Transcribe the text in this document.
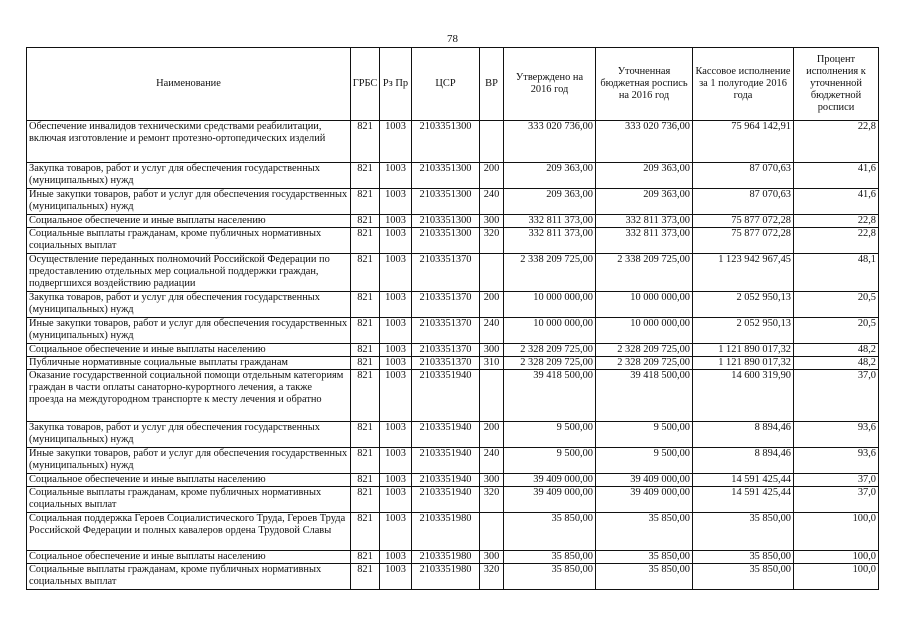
78
Наименование	ГРБС	Рз Пр	ЦСР	ВР	Утверждено на 2016 год	Уточненная бюджетная роспись на 2016 год	Кассовое исполнение за 1 полугодие 2016 года	Процент исполнения к уточненной бюджетной росписи
Обеспечение инвалидов техническими средствами реабилитации, включая изготовление и ремонт протезно-ортопедических изделий	821	1003	2103351300		333 020 736,00	333 020 736,00	75 964 142,91	22,8
Закупка товаров, работ и услуг для обеспечения государственных (муниципальных) нужд	821	1003	2103351300	200	209 363,00	209 363,00	87 070,63	41,6
Иные закупки товаров, работ и услуг для обеспечения государственных (муниципальных) нужд	821	1003	2103351300	240	209 363,00	209 363,00	87 070,63	41,6
Социальное обеспечение и иные выплаты населению	821	1003	2103351300	300	332 811 373,00	332 811 373,00	75 877 072,28	22,8
Социальные выплаты гражданам, кроме публичных нормативных социальных выплат	821	1003	2103351300	320	332 811 373,00	332 811 373,00	75 877 072,28	22,8
Осуществление переданных полномочий Российской Федерации по предоставлению отдельных мер социальной поддержки граждан, подвергшихся воздействию радиации	821	1003	2103351370		2 338 209 725,00	2 338 209 725,00	1 123 942 967,45	48,1
Закупка товаров, работ и услуг для обеспечения государственных (муниципальных) нужд	821	1003	2103351370	200	10 000 000,00	10 000 000,00	2 052 950,13	20,5
Иные закупки товаров, работ и услуг для обеспечения государственных (муниципальных) нужд	821	1003	2103351370	240	10 000 000,00	10 000 000,00	2 052 950,13	20,5
Социальное обеспечение и иные выплаты населению	821	1003	2103351370	300	2 328 209 725,00	2 328 209 725,00	1 121 890 017,32	48,2
Публичные нормативные социальные выплаты гражданам	821	1003	2103351370	310	2 328 209 725,00	2 328 209 725,00	1 121 890 017,32	48,2
Оказание государственной социальной помощи отдельным категориям граждан в части оплаты санаторно-курортного лечения, а также проезда на междугородном транспорте к месту лечения и обратно	821	1003	2103351940		39 418 500,00	39 418 500,00	14 600 319,90	37,0
Закупка товаров, работ и услуг для обеспечения государственных (муниципальных) нужд	821	1003	2103351940	200	9 500,00	9 500,00	8 894,46	93,6
Иные закупки товаров, работ и услуг для обеспечения государственных (муниципальных) нужд	821	1003	2103351940	240	9 500,00	9 500,00	8 894,46	93,6
Социальное обеспечение и иные выплаты населению	821	1003	2103351940	300	39 409 000,00	39 409 000,00	14 591 425,44	37,0
Социальные выплаты гражданам, кроме публичных нормативных социальных выплат	821	1003	2103351940	320	39 409 000,00	39 409 000,00	14 591 425,44	37,0
Социальная поддержка Героев Социалистического Труда, Героев Труда Российской Федерации и полных кавалеров ордена Трудовой Славы	821	1003	2103351980		35 850,00	35 850,00	35 850,00	100,0
Социальное обеспечение и иные выплаты населению	821	1003	2103351980	300	35 850,00	35 850,00	35 850,00	100,0
Социальные выплаты гражданам, кроме публичных нормативных социальных выплат	821	1003	2103351980	320	35 850,00	35 850,00	35 850,00	100,0
